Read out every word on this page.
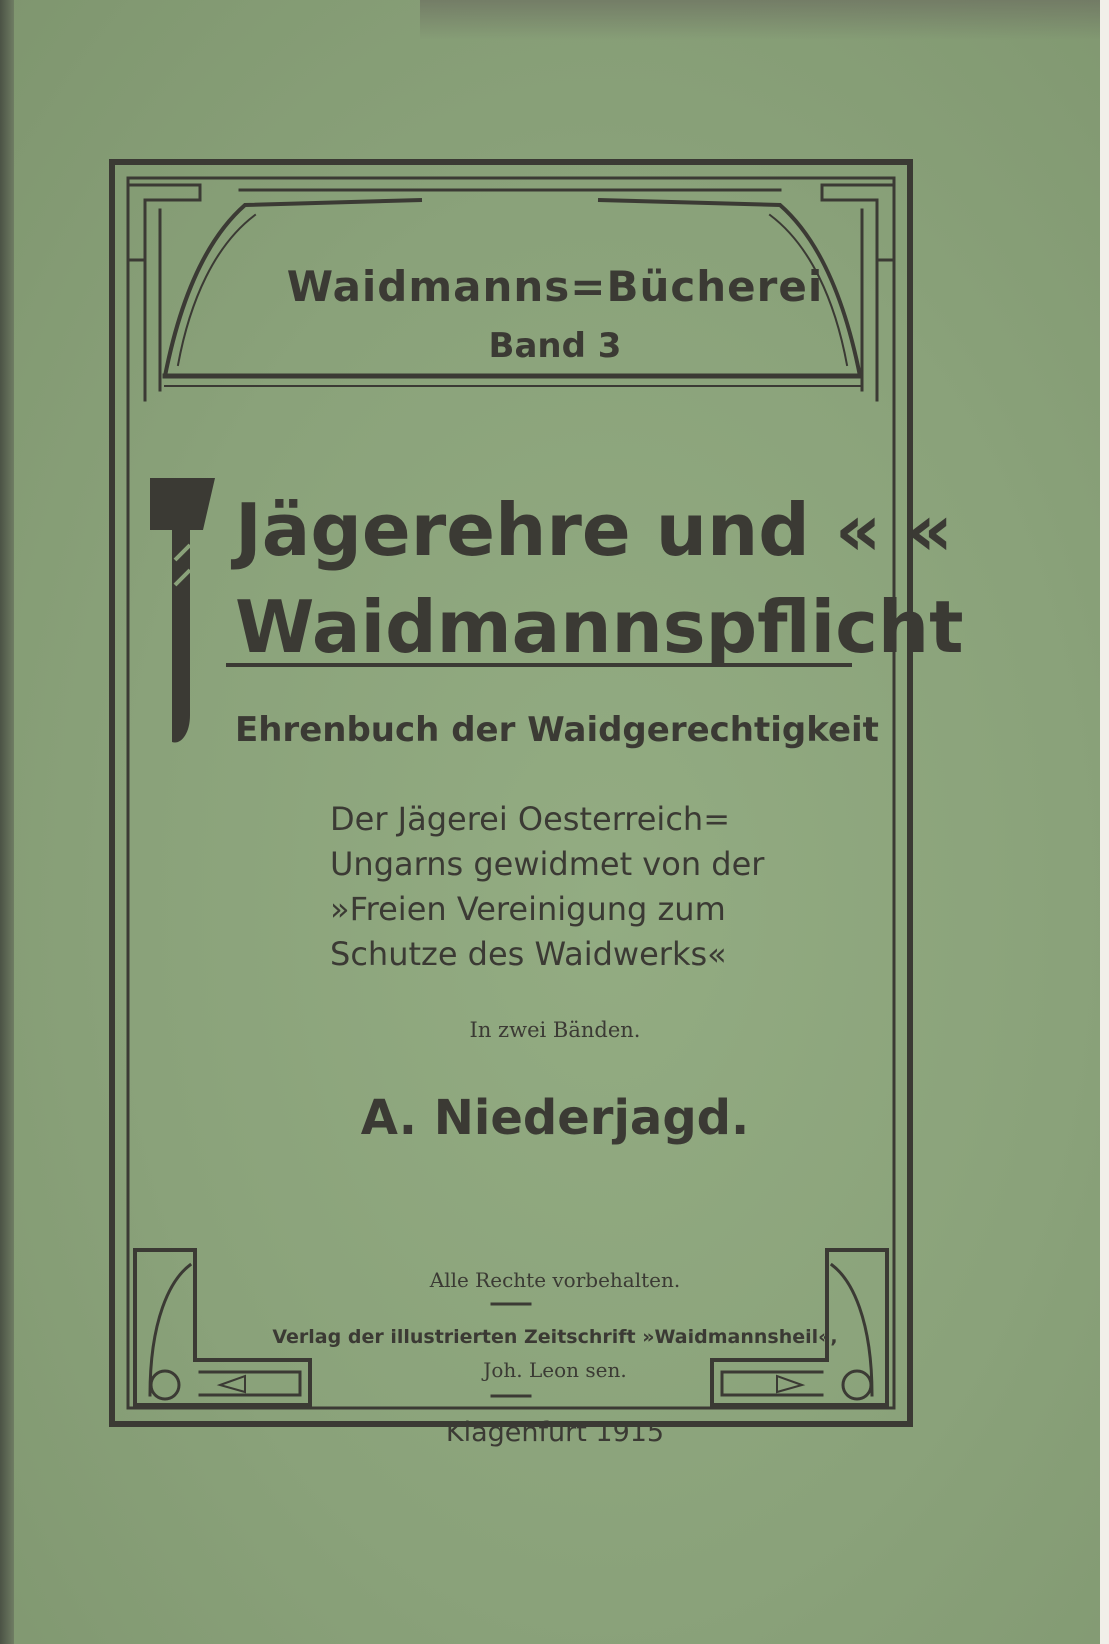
Waidmanns=Bücherei
Band 3
Jägerehre und « «
Waidmannspflicht
Ehrenbuch der Waidgerechtigkeit
Der Jägerei Oesterreich=
Ungarns gewidmet von der
»Freien Vereinigung zum
Schutze des Waidwerks«
In zwei Bänden.
A. Niederjagd.
Alle Rechte vorbehalten.
Verlag der illustrierten Zeitschrift »Waidmannsheil«,
Joh. Leon sen.
Klagenfurt 1915
